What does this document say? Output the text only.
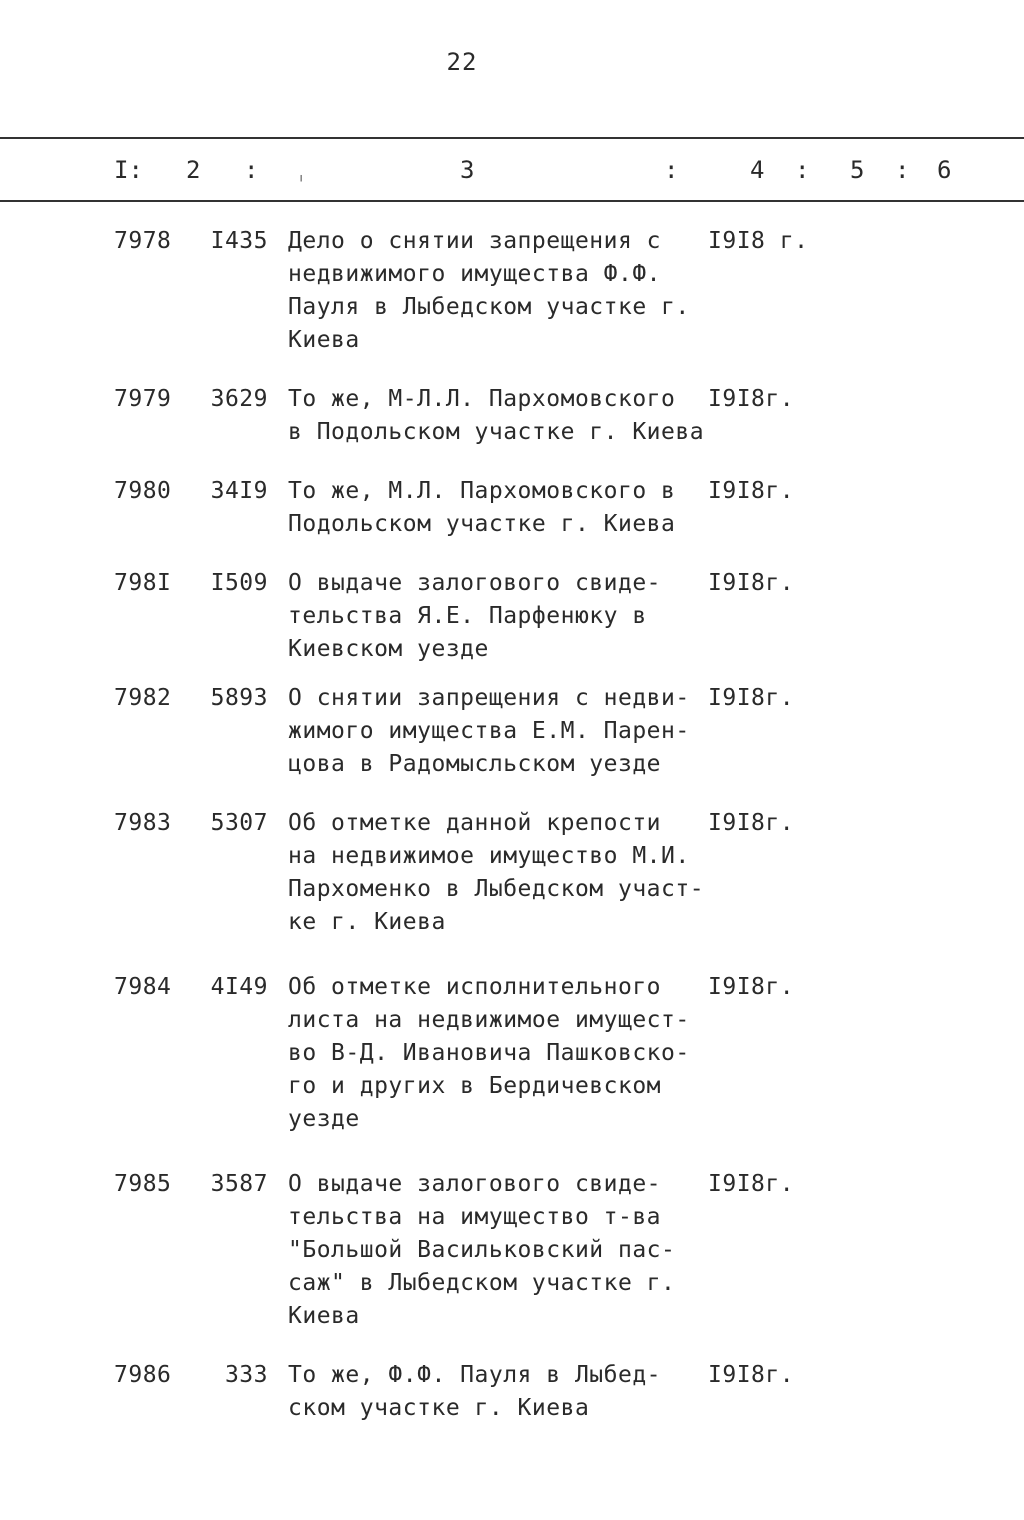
22
I: 2 : ˌ	3	:	4 : 5 : 6
7978	I435 Дело о снятии запрещения с
недвижимого имущества Ф.Ф.
Пауля в Лыбедском участке г.
Киева
I9I8 г.
7979	3629 То же, М-Л.Л. Пархомовского
в Подольском участке г. Киева
I9I8г.
7980	34I9 То же, М.Л. Пархомовского в
Подольском участке г. Киева
I9I8г.
798I	I509 О выдаче залогового свиде-
тельства Я.Е. Парфенюку в
Киевском уезде
I9I8г.
7982	5893 О снятии запрещения с недви-
жимого имущества Е.М. Парен-
цова в Радомысльском уезде
I9I8г.
7983	5307 Об отметке данной крепости
на недвижимое имущество М.И.
Пархоменко в Лыбедском участ-
ке г. Киева
I9I8г.
7984	4I49 Об отметке исполнительного
листа на недвижимое имущест-
во В-Д. Ивановича Пашковско-
го и других в Бердичевском
уезде
I9I8г.
7985	3587 О выдаче залогового свиде-
тельства на имущество т-ва
"Большой Васильковский пас-
саж" в Лыбедском участке г.
Киева
I9I8г.
7986	333 То же, Ф.Ф. Пауля в Лыбед-
ском участке г. Киева
I9I8г.
